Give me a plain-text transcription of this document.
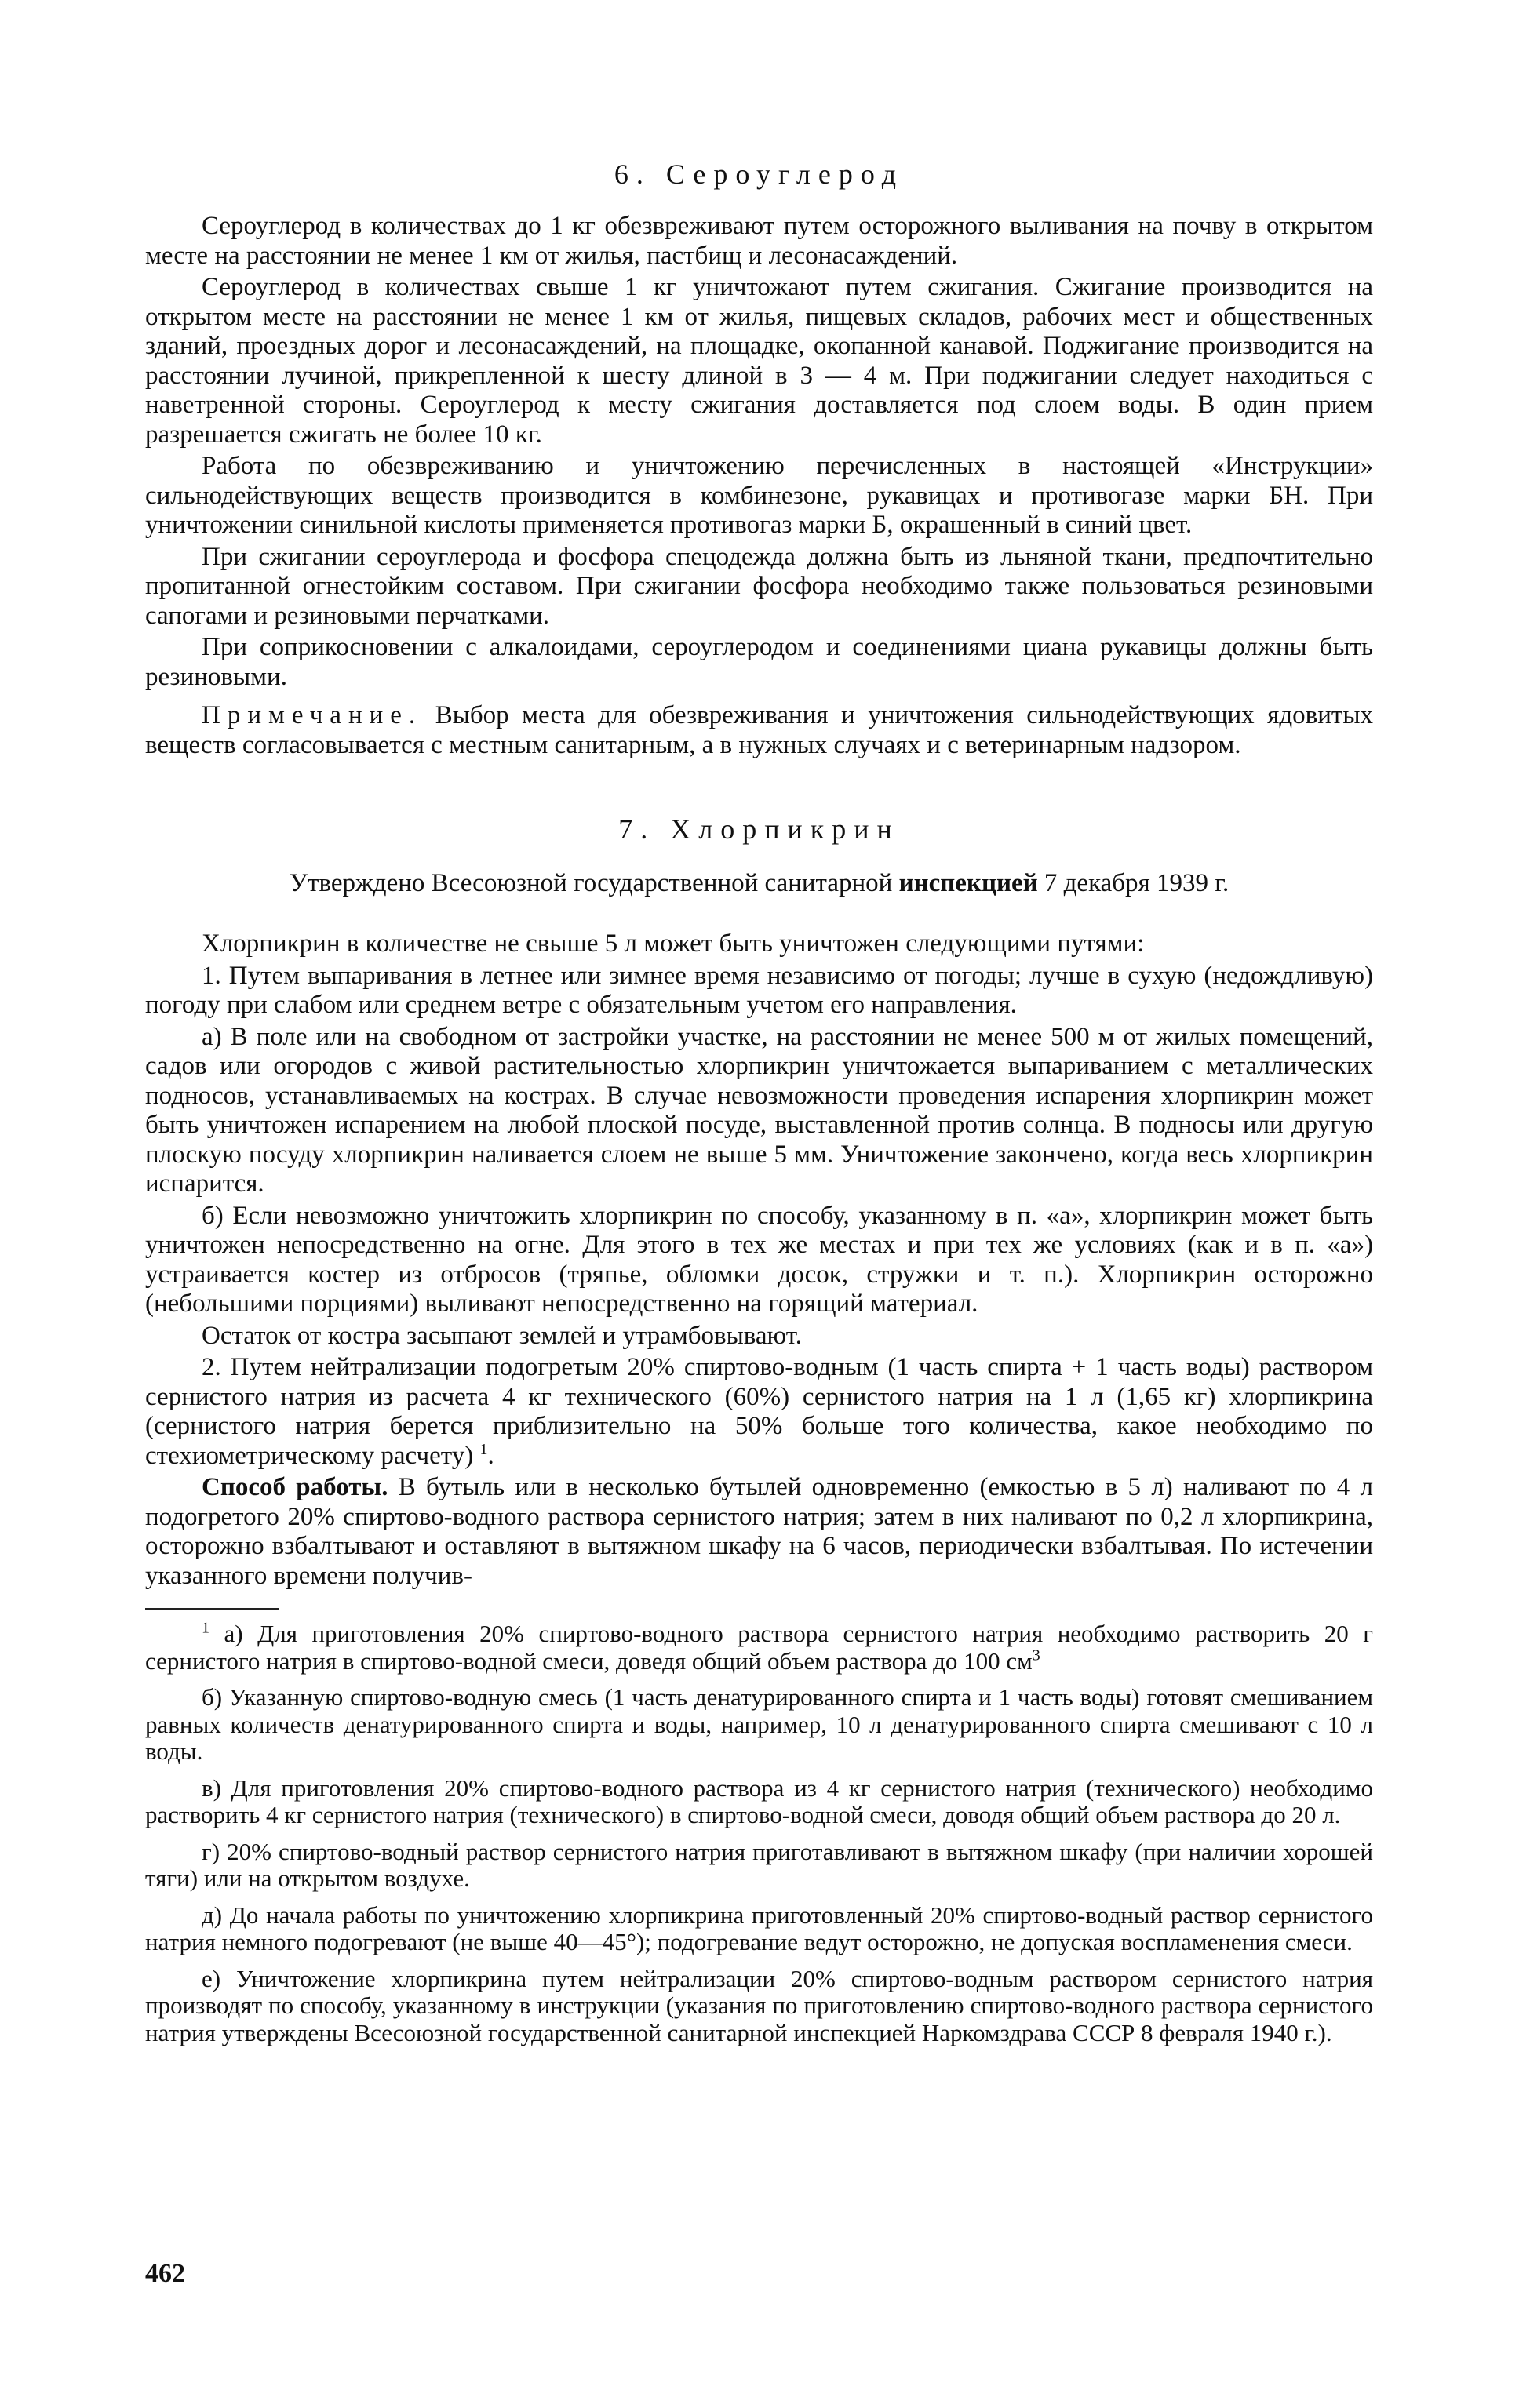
6. Сероуглерод

Сероуглерод в количествах до 1 кг обезвреживают путем осторожного выливания на почву в открытом месте на расстоянии не менее 1 км от жилья, пастбищ и лесонасаждений.

Сероуглерод в количествах свыше 1 кг уничтожают путем сжигания. Сжигание производится на открытом месте на расстоянии не менее 1 км от жилья, пищевых складов, рабочих мест и общественных зданий, проездных дорог и лесонасаждений, на площадке, окопанной канавой. Поджигание производится на расстоянии лучиной, прикрепленной к шесту длиной в 3 — 4 м. При поджигании следует находиться с наветренной стороны. Сероуглерод к месту сжигания доставляется под слоем воды. В один прием разрешается сжигать не более 10 кг.

Работа по обезвреживанию и уничтожению перечисленных в настоящей «Инструкции» сильнодействующих веществ производится в комбинезоне, рукавицах и противогазе марки БН. При уничтожении синильной кислоты применяется противогаз марки Б, окрашенный в синий цвет.

При сжигании сероуглерода и фосфора спецодежда должна быть из льняной ткани, предпочтительно пропитанной огнестойким составом. При сжигании фосфора необходимо также пользоваться резиновыми сапогами и резиновыми перчатками.

При соприкосновении с алкалоидами, сероуглеродом и соединениями циана рукавицы должны быть резиновыми.

Примечание. Выбор места для обезвреживания и уничтожения сильнодействующих ядовитых веществ согласовывается с местным санитарным, а в нужных случаях и с ветеринарным надзором.

7. Хлорпикрин
Утверждено Всесоюзной государственной санитарной инспекцией 7 декабря 1939 г.

Хлорпикрин в количестве не свыше 5 л может быть уничтожен следующими путями:

1. Путем выпаривания в летнее или зимнее время независимо от погоды; лучше в сухую (недождливую) погоду при слабом или среднем ветре с обязательным учетом его направления.

а) В поле или на свободном от застройки участке, на расстоянии не менее 500 м от жилых помещений, садов или огородов с живой растительностью хлорпикрин уничтожается выпариванием с металлических подносов, устанавливаемых на кострах. В случае невозможности проведения испарения хлорпикрин может быть уничтожен испарением на любой плоской посуде, выставленной против солнца. В подносы или другую плоскую посуду хлорпикрин наливается слоем не выше 5 мм. Уничтожение закончено, когда весь хлорпикрин испарится.

б) Если невозможно уничтожить хлорпикрин по способу, указанному в п. «а», хлорпикрин может быть уничтожен непосредственно на огне. Для этого в тех же местах и при тех же условиях (как и в п. «а») устраивается костер из отбросов (тряпье, обломки досок, стружки и т. п.). Хлорпикрин осторожно (небольшими порциями) выливают непосредственно на горящий материал.

Остаток от костра засыпают землей и утрамбовывают.

2. Путем нейтрализации подогретым 20% спиртово-водным (1 часть спирта + 1 часть воды) раствором сернистого натрия из расчета 4 кг технического (60%) сернистого натрия на 1 л (1,65 кг) хлорпикрина (сернистого натрия берется приблизительно на 50% больше того количества, какое необходимо по стехиометрическому расчету) $^1$.

Способ работы. В бутыль или в несколько бутылей одновременно (емкостью в 5 л) наливают по 4 л подогретого 20% спиртово-водного раствора сернистого натрия; затем в них наливают по 0,2 л хлорпикрина, осторожно взбалтывают и оставляют в вытяжном шкафу на 6 часов, периодически взбалтывая. По истечении указанного времени получив-

$^1$ а) Для приготовления 20% спиртово-водного раствора сернистого натрия необходимо растворить 20 г сернистого натрия в спиртово-водной смеси, доведя общий объем раствора до 100 $см^3$

б) Указанную спиртово-водную смесь (1 часть денатурированного спирта и 1 часть воды) готовят смешиванием равных количеств денатурированного спирта и воды, например, 10 л денатурированного спирта смешивают с 10 л воды.

в) Для приготовления 20% спиртово-водного раствора из 4 кг сернистого натрия (технического) необходимо растворить 4 кг сернистого натрия (технического) в спиртово-водной смеси, доводя общий объем раствора до 20 л.

г) 20% спиртово-водный раствор сернистого натрия приготавливают в вытяжном шкафу (при наличии хорошей тяги) или на открытом воздухе.

д) До начала работы по уничтожению хлорпикрина приготовленный 20% спиртово-водный раствор сернистого натрия немного подогревают (не выше 40—45°); подогревание ведут осторожно, не допуская воспламенения смеси.

е) Уничтожение хлорпикрина путем нейтрализации 20% спиртово-водным раствором сернистого натрия производят по способу, указанному в инструкции (указания по приготовлению спиртово-водного раствора сернистого натрия утверждены Всесоюзной государственной санитарной инспекцией Наркомздрава СССР 8 февраля 1940 г.).

462
